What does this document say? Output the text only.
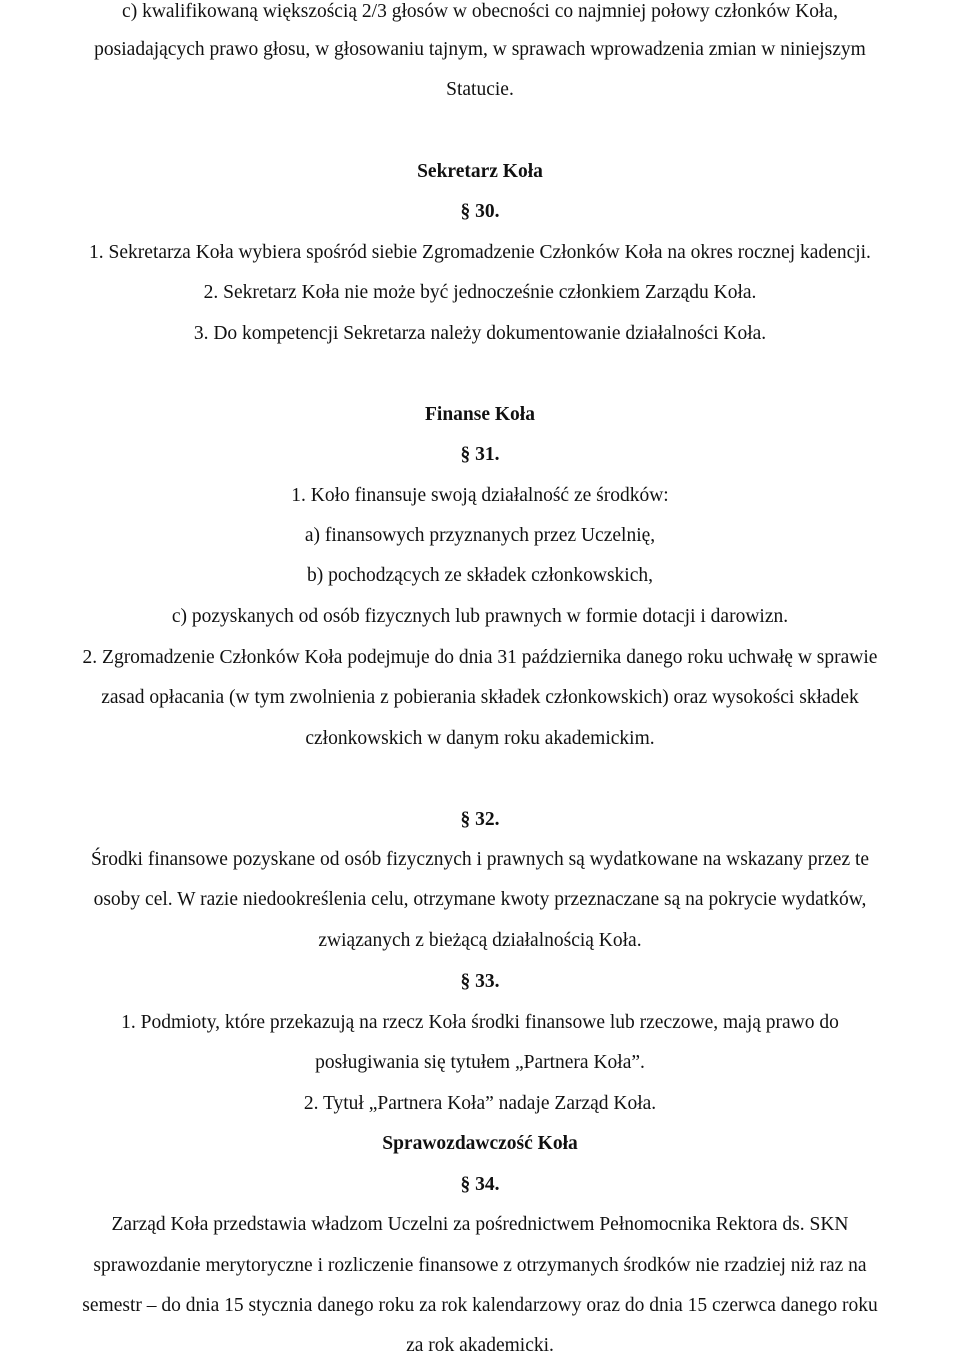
c) kwalifikowaną większością 2/3 głosów w obecności co najmniej połowy członków Koła,
posiadających prawo głosu, w głosowaniu tajnym, w sprawach wprowadzenia zmian w niniejszym
Statucie.
Sekretarz Koła
§ 30.
1. Sekretarza Koła wybiera spośród siebie Zgromadzenie Członków Koła na okres rocznej kadencji.
2. Sekretarz Koła nie może być jednocześnie członkiem Zarządu Koła.
3. Do kompetencji Sekretarza należy dokumentowanie działalności Koła.
Finanse Koła
§ 31.
1. Koło finansuje swoją działalność ze środków:
a) finansowych przyznanych przez Uczelnię,
b) pochodzących ze składek członkowskich,
c) pozyskanych od osób fizycznych lub prawnych w formie dotacji i darowizn.
2. Zgromadzenie Członków Koła podejmuje do dnia 31 października danego roku uchwałę w sprawie
zasad opłacania (w tym zwolnienia z pobierania składek członkowskich) oraz wysokości składek
członkowskich w danym roku akademickim.
§ 32.
Środki finansowe pozyskane od osób fizycznych i prawnych są wydatkowane na wskazany przez te
osoby cel. W razie niedookreślenia celu, otrzymane kwoty przeznaczane są na pokrycie wydatków,
związanych z bieżącą działalnością Koła.
§ 33.
1. Podmioty, które przekazują na rzecz Koła środki finansowe lub rzeczowe, mają prawo do
posługiwania się tytułem „Partnera Koła”.
2. Tytuł „Partnera Koła” nadaje Zarząd Koła.
Sprawozdawczość Koła
§ 34.
Zarząd Koła przedstawia władzom Uczelni za pośrednictwem Pełnomocnika Rektora ds. SKN
sprawozdanie merytoryczne i rozliczenie finansowe z otrzymanych środków nie rzadziej niż raz na
semestr – do dnia 15 stycznia danego roku za rok kalendarzowy oraz do dnia 15 czerwca danego roku
za rok akademicki.
